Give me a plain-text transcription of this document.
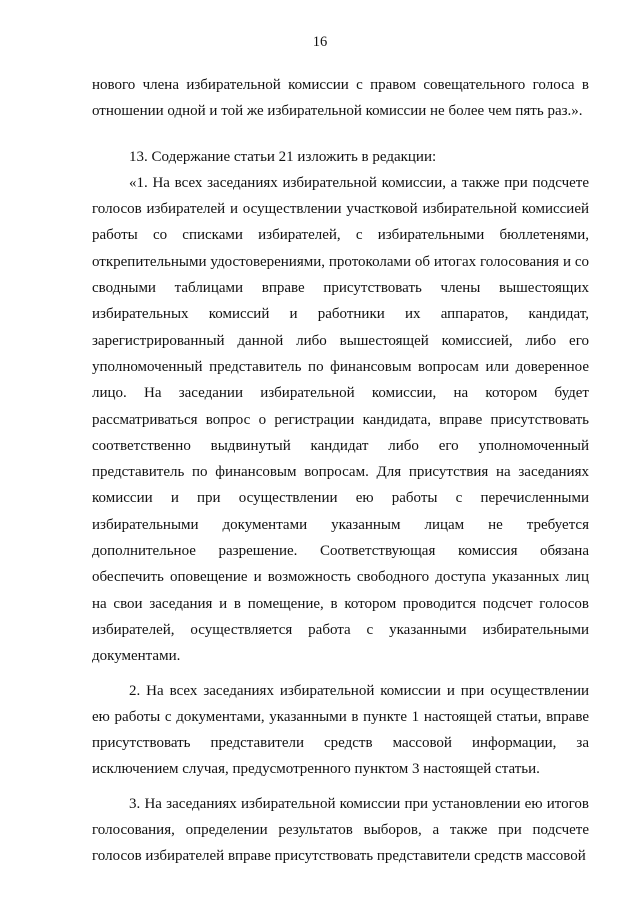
16

нового члена избирательной комиссии с правом совещательного голоса в отношении одной и той же избирательной комиссии не более чем пять раз.».

13. Содержание статьи 21 изложить в редакции:

«1. На всех заседаниях избирательной комиссии, а также при подсчете голосов избирателей и осуществлении участковой избирательной комиссией работы со списками избирателей, с избирательными бюллетенями, открепительными удостоверениями, протоколами об итогах голосования и со сводными таблицами вправе присутствовать члены вышестоящих избирательных комиссий и работники их аппаратов, кандидат, зарегистрированный данной либо вышестоящей комиссией, либо его уполномоченный представитель по финансовым вопросам или доверенное лицо. На заседании избирательной комиссии, на котором будет рассматриваться вопрос о регистрации кандидата, вправе присутствовать соответственно выдвинутый кандидат либо его уполномоченный представитель по финансовым вопросам. Для присутствия на заседаниях комиссии и при осуществлении ею работы с перечисленными избирательными документами указанным лицам не требуется дополнительное разрешение. Соответствующая комиссия обязана обеспечить оповещение и возможность свободного доступа указанных лиц на свои заседания и в помещение, в котором проводится подсчет голосов избирателей, осуществляется работа с указанными избирательными документами.

2. На всех заседаниях избирательной комиссии и при осуществлении ею работы с документами, указанными в пункте 1 настоящей статьи, вправе присутствовать представители средств массовой информации, за исключением случая, предусмотренного пунктом 3 настоящей статьи.

3. На заседаниях избирательной комиссии при установлении ею итогов голосования, определении результатов выборов, а также при подсчете голосов избирателей вправе присутствовать представители средств массовой
